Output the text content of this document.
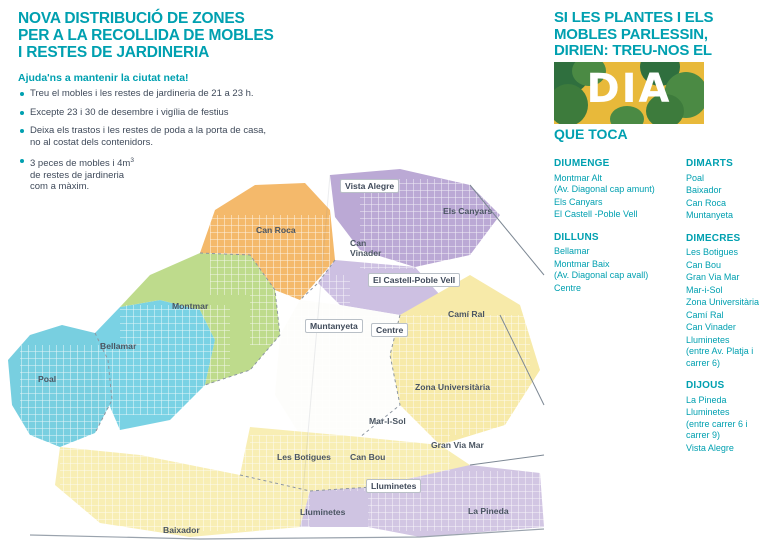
NOVA DISTRIBUCIÓ DE ZONES
PER A LA RECOLLIDA DE MOBLES
I RESTES DE JARDINERIA
Ajuda'ns a mantenir la ciutat neta!
Treu el mobles i les restes de jardineria de 21 a 23 h.
Excepte 23 i 30 de desembre i vigília de festius
Deixa els trastos i les restes de poda a la porta de casa, no al costat dels contenidors.
3 peces de mobles i $4m^3$
de restes de jardineria
com a màxim.
SI LES PLANTES I ELS
MOBLES PARLESSIN,
DIRIEN: TREU-NOS EL
DIA
QUE TOCA
DIUMENGE
Montmar Alt
(Av. Diagonal cap amunt)
Els Canyars
El Castell -Poble Vell
DILLUNS
Bellamar
Montmar Baix
(Av. Diagonal cap avall)
Centre
DIMARTS
Poal
Baixador
Can Roca
Muntanyeta
DIMECRES
Les Botigues
Can Bou
Gran Via Mar
Mar-i-Sol
Zona Universitària
Camí Ral
Can Vinader
Lluminetes
(entre Av. Platja i carrer 6)
DIJOUS
La Pineda
Lluminetes
(entre carrer 6 i carrer 9)
Vista Alegre
Vista Alegre
Els Canyars
Can Roca
Can
Vinader
El Castell-Poble Vell
Montmar
Muntanyeta	Centre
Camí Ral
Bellamar
Poal
Zona Universitària
Mar-I-Sol
Gran Via Mar
Les Botigues Can Bou
Lluminetes
Lluminetes	La Pineda
Baixador
